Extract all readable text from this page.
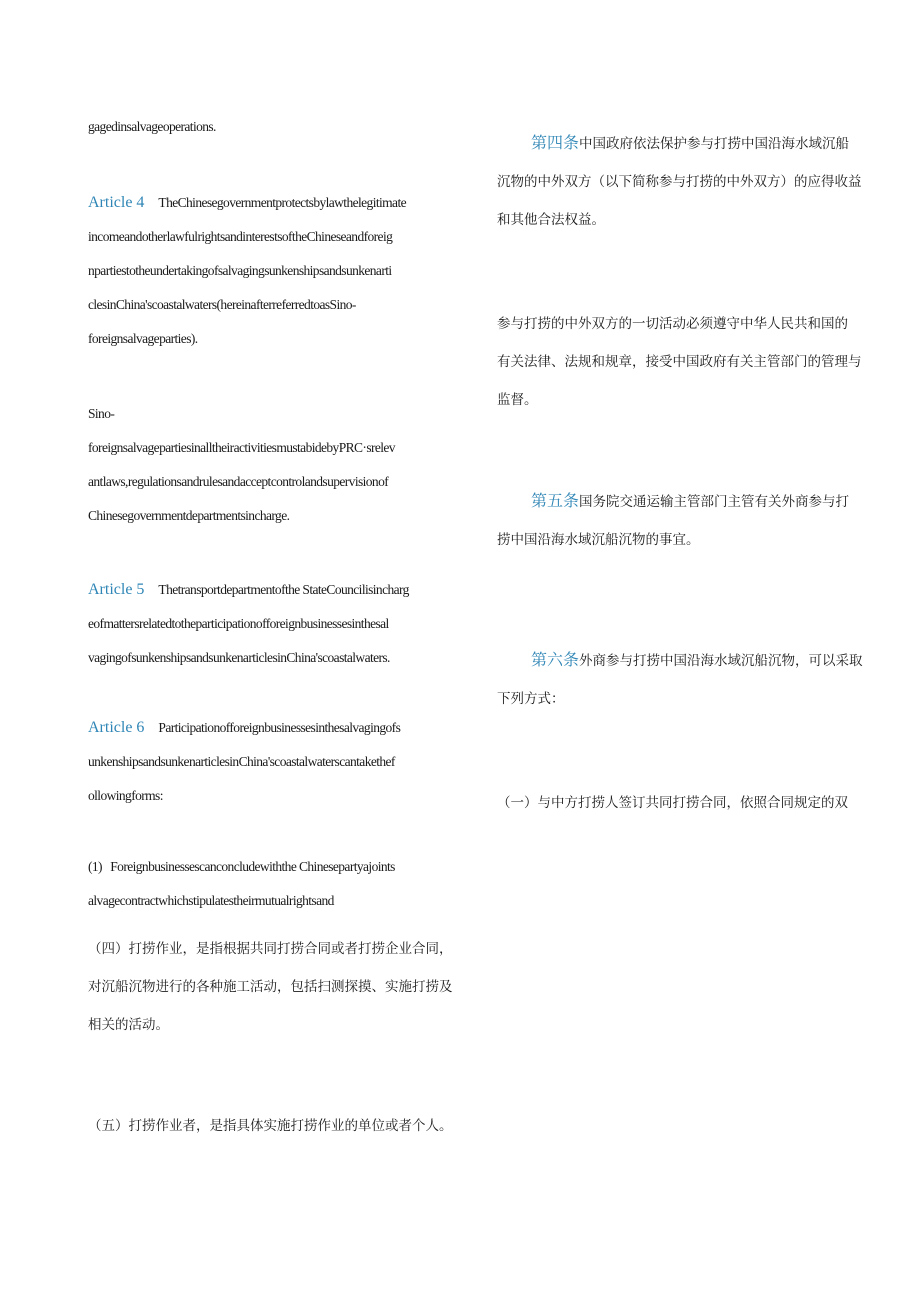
gagedinsalvageoperations.

Article 4 TheChinesegovernmentprotectsbylawthelegitimate
incomeandotherlawfulrightsandinterestsoftheChineseandforeig
npartiestotheundertakingofsalvagingsunkenshipsandsunkenarti
clesinChina'scoastalwaters(hereinafterreferredtoasSino-
foreignsalvageparties).
Sino-
foreignsalvagepartiesinalltheiractivitiesmustabidebyPRC·srelev
antlaws,regulationsandrulesandacceptcontrolandsupervisionof
Chinesegovernmentdepartmentsincharge.
Article 5 Thetransportdepartmentofthe StateCouncilisincharg
eofmattersrelatedtotheparticipationofforeignbusinessesinthesal
vagingofsunkenshipsandsunkenarticlesinChina'scoastalwaters.
Article 6 Participationofforeignbusinessesinthesalvagingofs
unkenshipsandsunkenarticlesinChina'scoastalwaterscantakethef
ollowingforms:
(1)   Foreignbusinessescanconcludewiththe Chinesepartyajoints
alvagecontractwhichstipulatestheirmutualrightsand
（四）打捞作业，是指根据共同打捞合同或者打捞企业合同，
对沉船沉物进行的各种施工活动，包括扫测探摸、实施打捞及
相关的活动。
（五）打捞作业者，是指具体实施打捞作业的单位或者个人。
第四条中国政府依法保护参与打捞中国沿海水域沉船
沉物的中外双方（以下简称参与打捞的中外双方）的应得收益
和其他合法权益。
参与打捞的中外双方的一切活动必须遵守中华人民共和国的
有关法律、法规和规章，接受中国政府有关主管部门的管理与
监督。
第五条国务院交通运输主管部门主管有关外商参与打
捞中国沿海水域沉船沉物的事宜。
第六条外商参与打捞中国沿海水域沉船沉物，可以采取
下列方式：
（一）与中方打捞人签订共同打捞合同，依照合同规定的双
